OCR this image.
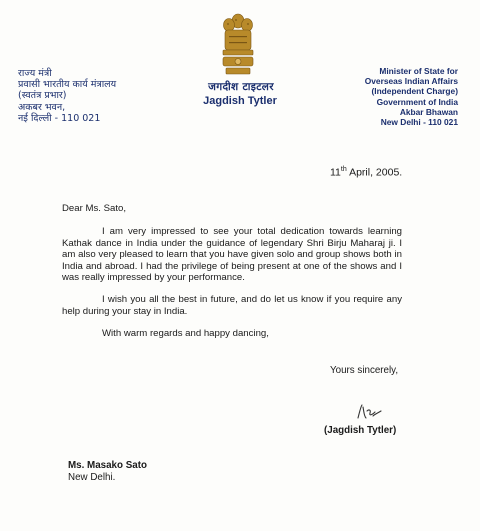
जगदीश टाइटलर
Jagdish Tytler
राज्य मंत्री
प्रवासी भारतीय कार्य मंत्रालय
(स्वतंत्र प्रभार)
अकबर भवन,
नई दिल्ली - 110 021
Minister of State for
Overseas Indian Affairs
(Independent Charge)
Government of India
Akbar Bhawan
New Delhi - 110 021
11th April, 2005.

Dear Ms. Sato,

I am very impressed to see your total dedication towards learning Kathak dance in India under the guidance of legendary Shri Birju Maharaj ji. I am also very pleased to learn that you have given solo and group shows both in India and abroad. I had the privilege of being present at one of the shows and I was really impressed by your performance.

I wish you all the best in future, and do let us know if you require any help during your stay in India.

With warm regards and happy dancing,

Yours sincerely,
(Jagdish Tytler)
Ms. Masako Sato
New Delhi.
